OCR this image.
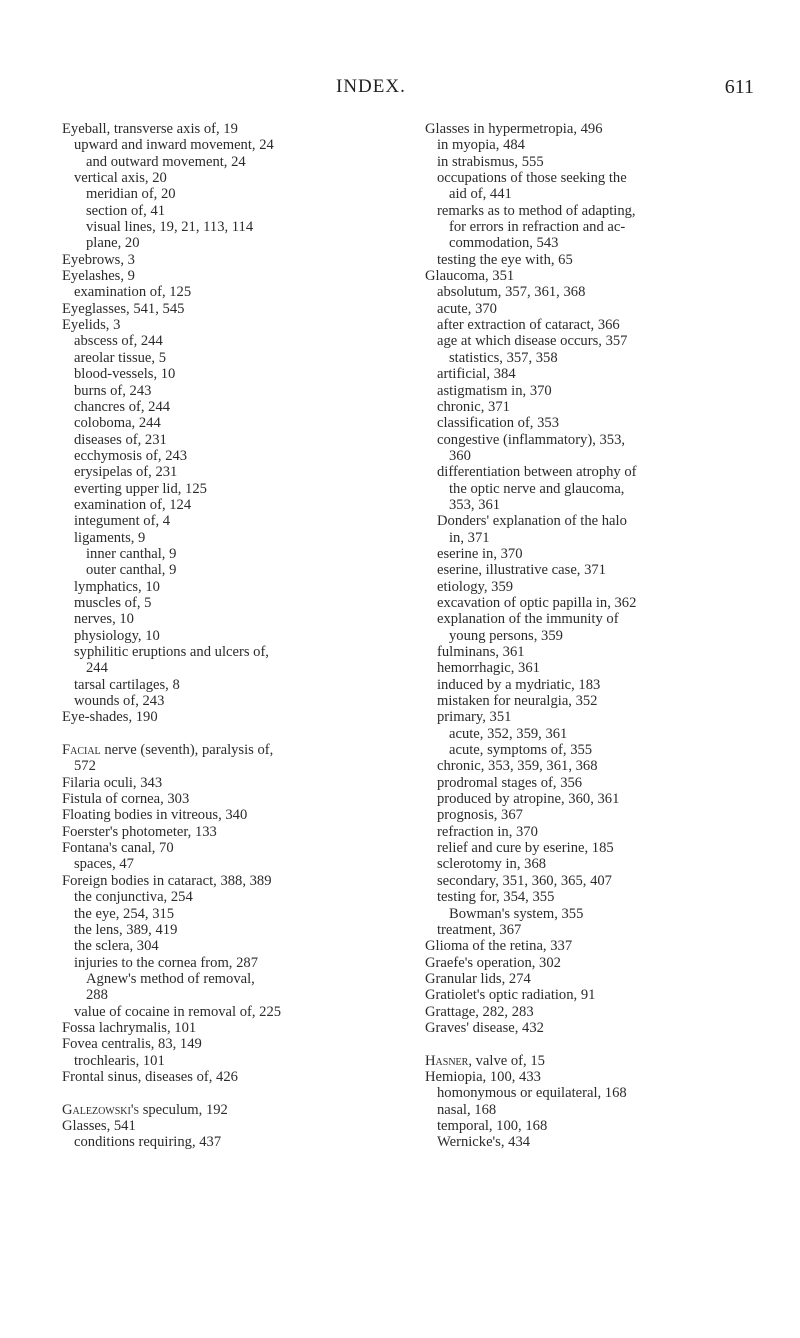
INDEX.	611
Eyeball, transverse axis of, 19
upward and inward movement, 24
and outward movement, 24
vertical axis, 20
meridian of, 20
section of, 41
visual lines, 19, 21, 113, 114
plane, 20
Eyebrows, 3
Eyelashes, 9
examination of, 125
Eyeglasses, 541, 545
Eyelids, 3
abscess of, 244
areolar tissue, 5
blood-vessels, 10
burns of, 243
chancres of, 244
coloboma, 244
diseases of, 231
ecchymosis of, 243
erysipelas of, 231
everting upper lid, 125
examination of, 124
integument of, 4
ligaments, 9
inner canthal, 9
outer canthal, 9
lymphatics, 10
muscles of, 5
nerves, 10
physiology, 10
syphilitic eruptions and ulcers of,
244
tarsal cartilages, 8
wounds of, 243
Eye-shades, 190
Facial nerve (seventh), paralysis of,
572
Filaria oculi, 343
Fistula of cornea, 303
Floating bodies in vitreous, 340
Foerster's photometer, 133
Fontana's canal, 70
spaces, 47
Foreign bodies in cataract, 388, 389
the conjunctiva, 254
the eye, 254, 315
the lens, 389, 419
the sclera, 304
injuries to the cornea from, 287
Agnew's method of removal,
288
value of cocaine in removal of, 225
Fossa lachrymalis, 101
Fovea centralis, 83, 149
trochlearis, 101
Frontal sinus, diseases of, 426
Galezowski's speculum, 192
Glasses, 541
conditions requiring, 437
Glasses in hypermetropia, 496
in myopia, 484
in strabismus, 555
occupations of those seeking the
aid of, 441
remarks as to method of adapting,
for errors in refraction and ac-
commodation, 543
testing the eye with, 65
Glaucoma, 351
absolutum, 357, 361, 368
acute, 370
after extraction of cataract, 366
age at which disease occurs, 357
statistics, 357, 358
artificial, 384
astigmatism in, 370
chronic, 371
classification of, 353
congestive (inflammatory), 353,
360
differentiation between atrophy of
the optic nerve and glaucoma,
353, 361
Donders' explanation of the halo
in, 371
eserine in, 370
eserine, illustrative case, 371
etiology, 359
excavation of optic papilla in, 362
explanation of the immunity of
young persons, 359
fulminans, 361
hemorrhagic, 361
induced by a mydriatic, 183
mistaken for neuralgia, 352
primary, 351
acute, 352, 359, 361
acute, symptoms of, 355
chronic, 353, 359, 361, 368
prodromal stages of, 356
produced by atropine, 360, 361
prognosis, 367
refraction in, 370
relief and cure by eserine, 185
sclerotomy in, 368
secondary, 351, 360, 365, 407
testing for, 354, 355
Bowman's system, 355
treatment, 367
Glioma of the retina, 337
Graefe's operation, 302
Granular lids, 274
Gratiolet's optic radiation, 91
Grattage, 282, 283
Graves' disease, 432
Hasner, valve of, 15
Hemiopia, 100, 433
homonymous or equilateral, 168
nasal, 168
temporal, 100, 168
Wernicke's, 434
